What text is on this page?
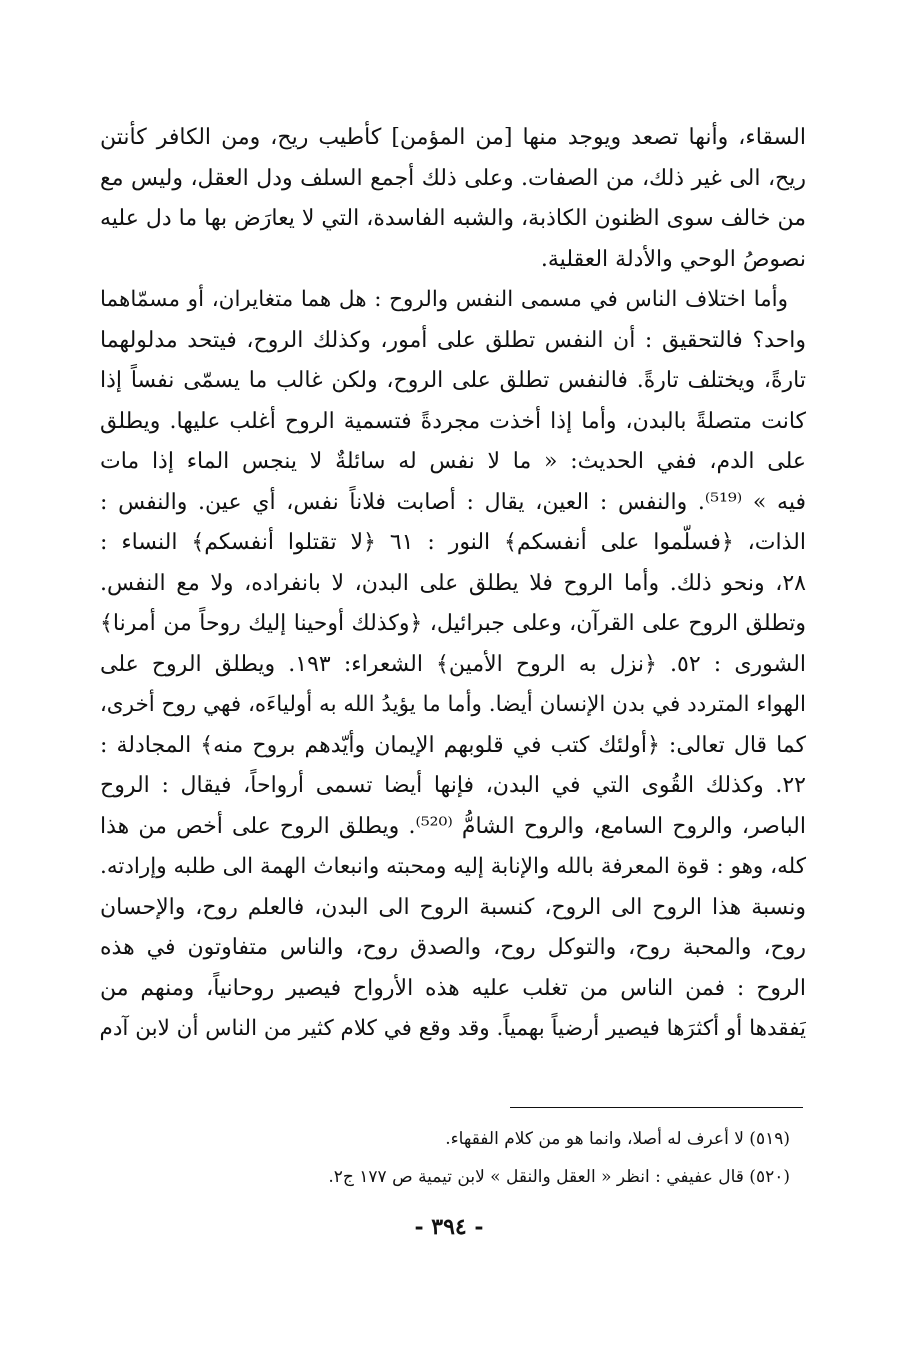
السقاء، وأنها تصعد ويوجد منها [من المؤمن] كأطيب ريح، ومن الكافر كأنتن
ريح، الى غير ذلك، من الصفات. وعلى ذلك أجمع السلف ودل العقل، وليس مع
من خالف سوى الظنون الكاذبة، والشبه الفاسدة، التي لا يعارَض بها ما دل عليه
نصوصُ الوحي والأدلة العقلية.
وأما اختلاف الناس في مسمى النفس والروح : هل هما متغايران، أو مسمّاهما
واحد؟ فالتحقيق : أن النفس تطلق على أمور، وكذلك الروح، فيتحد مدلولهما
تارةً، ويختلف تارةً. فالنفس تطلق على الروح، ولكن غالب ما يسمّى نفساً إذا
كانت متصلةً بالبدن، وأما إذا أخذت مجردةً فتسمية الروح أغلب عليها. ويطلق
على الدم، ففي الحديث: « ما لا نفس له سائلةٌ لا ينجس الماء إذا مات
فيه » ⁽⁵¹⁹⁾. والنفس : العين، يقال : أصابت فلاناً نفس، أي عين. والنفس :
الذات، ﴿فسلّموا على أنفسكم﴾ النور : ٦١ ﴿لا تقتلوا أنفسكم﴾ النساء :
٢٨، ونحو ذلك. وأما الروح فلا يطلق على البدن، لا بانفراده، ولا مع النفس.
وتطلق الروح على القرآن، وعلى جبرائيل، ﴿وكذلك أوحينا إليك روحاً من أمرنا﴾
الشورى : ٥٢. ﴿نزل به الروح الأمين﴾ الشعراء: ١٩٣. ويطلق الروح على
الهواء المتردد في بدن الإنسان أيضا. وأما ما يؤيدُ الله به أولياءَه، فهي روح أخرى،
كما قال تعالى: ﴿أولئك كتب في قلوبهم الإيمان وأيّدهم بروح منه﴾ المجادلة :
٢٢. وكذلك القُوى التي في البدن، فإنها أيضا تسمى أرواحاً، فيقال : الروح
الباصر، والروح السامع، والروح الشامُّ ⁽⁵²⁰⁾. ويطلق الروح على أخص من هذا
كله، وهو : قوة المعرفة بالله والإنابة إليه ومحبته وانبعاث الهمة الى طلبه وإرادته.
ونسبة هذا الروح الى الروح، كنسبة الروح الى البدن، فالعلم روح، والإحسان
روح، والمحبة روح، والتوكل روح، والصدق روح، والناس متفاوتون في هذه
الروح : فمن الناس من تغلب عليه هذه الأرواح فيصير روحانياً، ومنهم من
يَفقدها أو أكثرَها فيصير أرضياً بهمياً. وقد وقع في كلام كثير من الناس أن لابن آدم
(٥١٩) لا أعرف له أصلا، وانما هو من كلام الفقهاء.
(٥٢٠) قال عفيفي : انظر « العقل والنقل » لابن تيمية ص ١٧٧ ج٢.
- ٣٩٤ -
